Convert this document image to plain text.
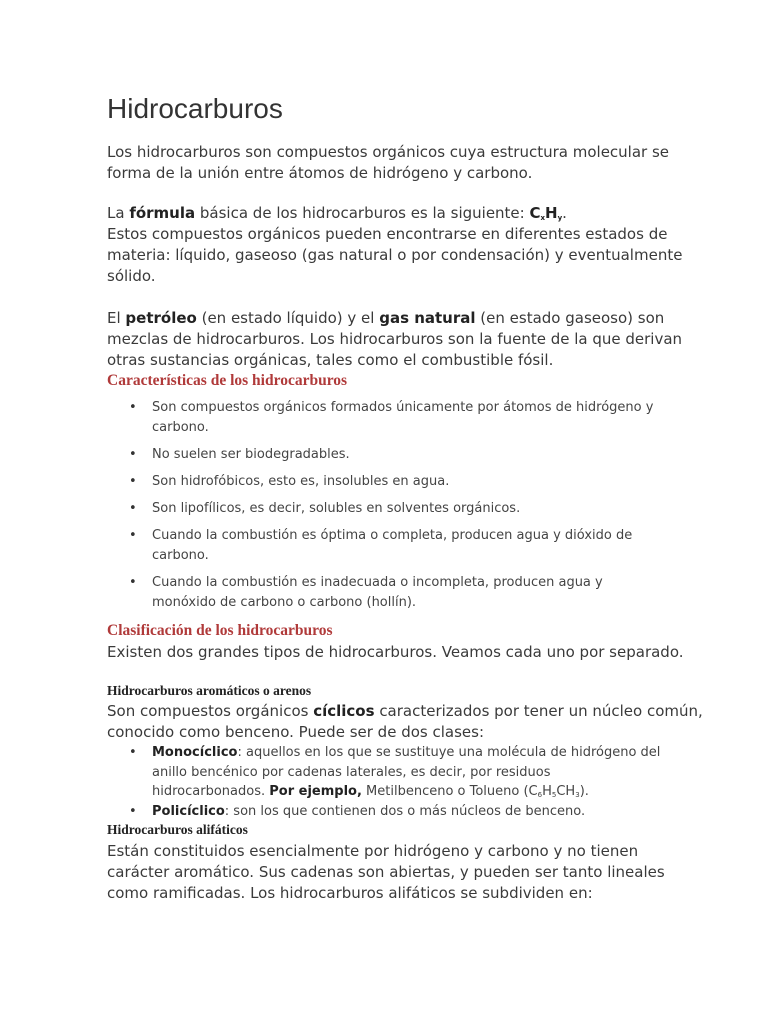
Hidrocarburos
Los hidrocarburos son compuestos orgánicos cuya estructura molecular se
forma de la unión entre átomos de hidrógeno y carbono.
La fórmula básica de los hidrocarburos es la siguiente: $C_xH_y$.
Estos compuestos orgánicos pueden encontrarse en diferentes estados de
materia: líquido, gaseoso (gas natural o por condensación) y eventualmente
sólido.
El petróleo (en estado líquido) y el gas natural (en estado gaseoso) son
mezclas de hidrocarburos. Los hidrocarburos son la fuente de la que derivan
otras sustancias orgánicas, tales como el combustible fósil.
Características de los hidrocarburos
• Son compuestos orgánicos formados únicamente por átomos de hidrógeno y
carbono.
• No suelen ser biodegradables.
• Son hidrofóbicos, esto es, insolubles en agua.
• Son lipofílicos, es decir, solubles en solventes orgánicos.
• Cuando la combustión es óptima o completa, producen agua y dióxido de
carbono.
• Cuando la combustión es inadecuada o incompleta, producen agua y
monóxido de carbono o carbono (hollín).
Clasificación de los hidrocarburos
Existen dos grandes tipos de hidrocarburos. Veamos cada uno por separado.
Hidrocarburos aromáticos o arenos
Son compuestos orgánicos cíclicos caracterizados por tener un núcleo común,
conocido como benceno. Puede ser de dos clases:
• Monocíclico: aquellos en los que se sustituye una molécula de hidrógeno del
anillo bencénico por cadenas laterales, es decir, por residuos
hidrocarbonados. Por ejemplo, Metilbenceno o Tolueno $(C_6H_5CH_3)$.
• Policíclico: son los que contienen dos o más núcleos de benceno.
Hidrocarburos alifáticos
Están constituidos esencialmente por hidrógeno y carbono y no tienen
carácter aromático. Sus cadenas son abiertas, y pueden ser tanto lineales
como ramificadas. Los hidrocarburos alifáticos se subdividen en:
